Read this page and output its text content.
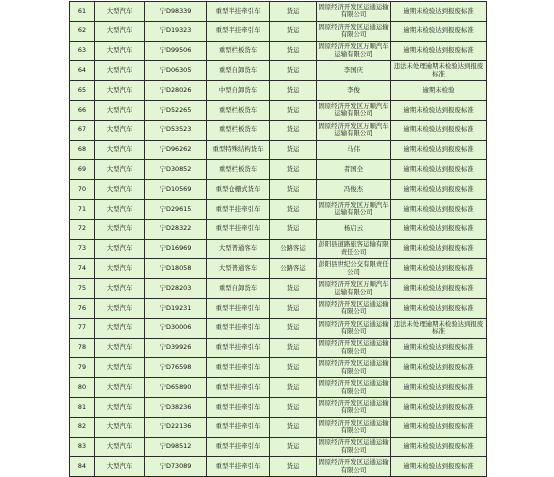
61	大型汽车	宁D98339	重型半挂牵引车	货运	固原经济开发区运通运输有限公司	逾期未检验达到报废标准
62	大型汽车	宁D19323	重型半挂牵引车	货运	固原经济开发区运通运输有限公司	逾期未检验达到报废标准
63	大型汽车	宁D99506	重型栏板货车	货运	固原经济开发区万顺汽车运输有限公司	逾期未检验达到报废标准
64	大型汽车	宁D06305	重型自卸货车	货运	李国庆	违法未处理逾期未检验达到报废标准
65	大型汽车	宁D28026	中型自卸货车	货运	李俊	逾期未检验
66	大型汽车	宁D52265	重型栏板货车	货运	固原经济开发区万顺汽车运输有限公司	逾期未检验达到报废标准
67	大型汽车	宁D53523	重型栏板货车	货运	固原经济开发区万顺汽车运输有限公司	逾期未检验达到报废标准
68	大型汽车	宁D96262	重型特殊结构货车	货运	马伟	逾期未检验达到报废标准
69	大型汽车	宁D30852	重型栏板货车	货运	者国全	逾期未检验达到报废标准
70	大型汽车	宁D10569	重型仓栅式货车	货运	冯俊杰	逾期未检验达到报废标准
71	大型汽车	宁D29615	重型半挂牵引车	货运	固原经济开发区万顺汽车运输有限公司	逾期未检验达到报废标准
72	大型汽车	宁D28322	重型半挂牵引车	货运	杨启云	逾期未检验达到报废标准
73	大型汽车	宁D16969	大型普通客车	公路客运	彭阳县道路旅客运输有限责任公司	逾期未检验达到报废标准
74	大型汽车	宁D18058	大型普通客车	公路客运	彭阳县世纪公交有限责任公司	逾期未检验达到报废标准
75	大型汽车	宁D28203	重型自卸货车	货运	固原经济开发区万顺汽车运输有限公司	逾期未检验达到报废标准
76	大型汽车	宁D19231	重型半挂牵引车	货运	固原经济开发区运通运输有限公司	逾期未检验达到报废标准
77	大型汽车	宁D30006	重型半挂牵引车	货运	固原经济开发区运通运输有限公司	违法未处理逾期未检验达到报废标准
78	大型汽车	宁D39926	重型半挂牵引车	货运	固原经济开发区运通运输有限公司	逾期未检验达到报废标准
79	大型汽车	宁D76598	重型半挂牵引车	货运	固原经济开发区运通运输有限公司	逾期未检验达到报废标准
80	大型汽车	宁D65890	重型半挂牵引车	货运	固原经济开发区运通运输有限公司	逾期未检验达到报废标准
81	大型汽车	宁D38236	重型半挂牵引车	货运	固原经济开发区运通运输有限公司	逾期未检验达到报废标准
82	大型汽车	宁D22136	重型半挂牵引车	货运	固原经济开发区运通运输有限公司	逾期未检验达到报废标准
83	大型汽车	宁D98512	重型半挂牵引车	货运	固原经济开发区运通运输有限公司	逾期未检验达到报废标准
84	大型汽车	宁D73089	重型半挂牵引车	货运	固原经济开发区运通运输有限公司	逾期未检验达到报废标准
